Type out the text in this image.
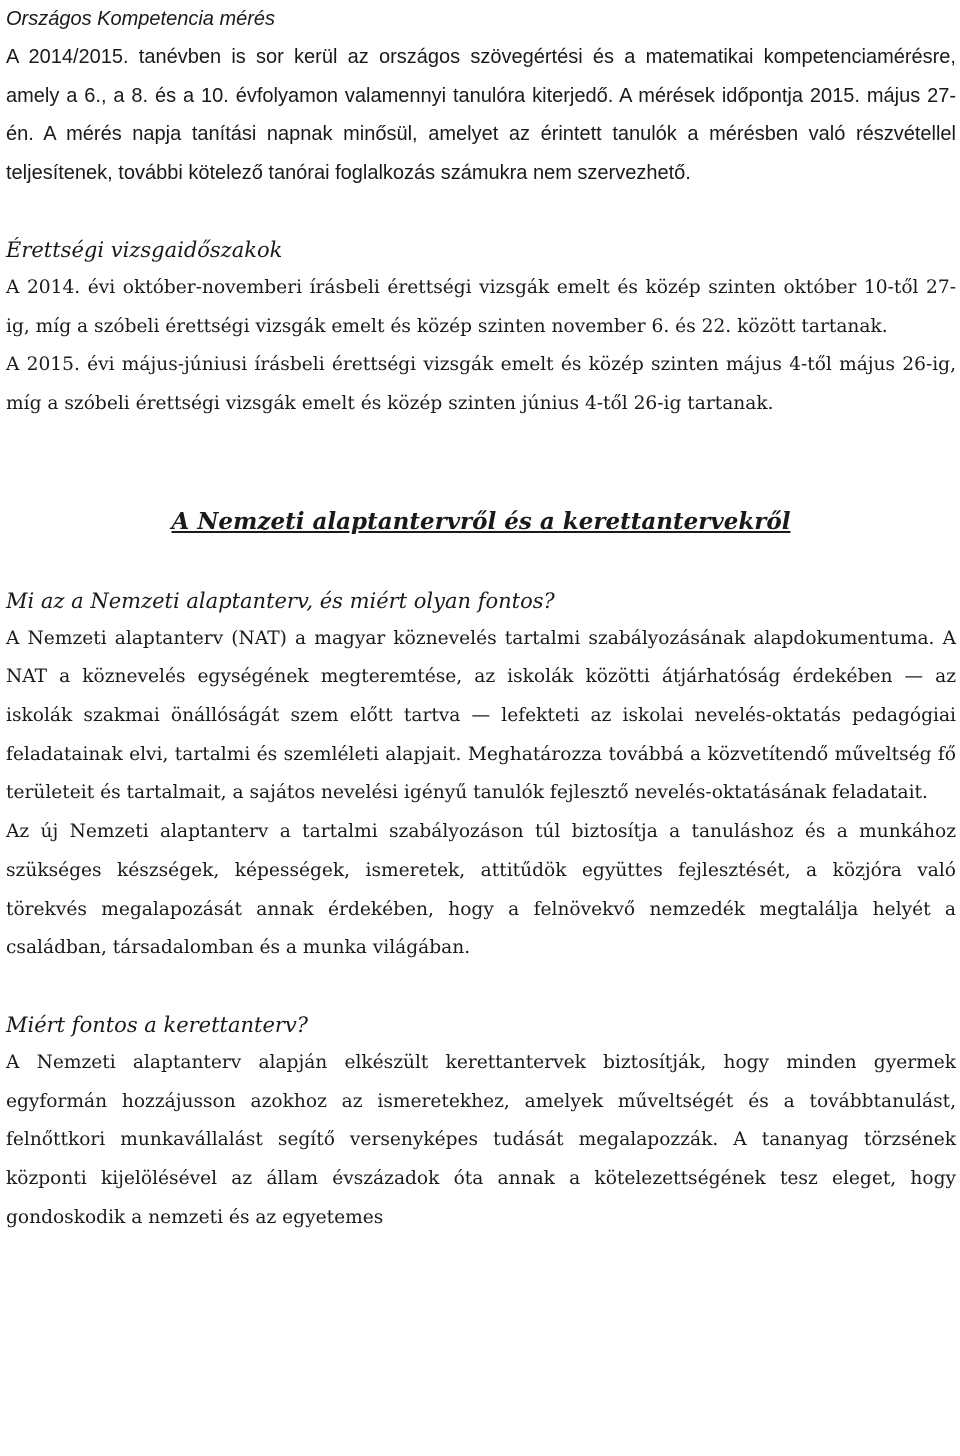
Országos Kompetencia mérés

A 2014/2015. tanévben is sor kerül az országos szövegértési és a matematikai kompetenciamérésre, amely a 6., a 8. és a 10. évfolyamon valamennyi tanulóra kiterjedő. A mérések időpontja 2015. május 27-én. A mérés napja tanítási napnak minősül, amelyet az érintett tanulók a mérésben való részvétellel teljesítenek, további kötelező tanórai foglalkozás számukra nem szervezhető.

Érettségi vizsgaidőszakok

A 2014. évi október-novemberi írásbeli érettségi vizsgák emelt és közép szinten október 10-től 27-ig, míg a szóbeli érettségi vizsgák emelt és közép szinten november 6. és 22. között tartanak.

A 2015. évi május-júniusi írásbeli érettségi vizsgák emelt és közép szinten május 4-től május 26-ig, míg a szóbeli érettségi vizsgák emelt és közép szinten június 4-től 26-ig tartanak.

A Nemzeti alaptantervről és a kerettantervekről
Mi az a Nemzeti alaptanterv, és miért olyan fontos?

A Nemzeti alaptanterv (NAT) a magyar köznevelés tartalmi szabályozásának alapdokumentuma. A NAT a köznevelés egységének megteremtése, az iskolák közötti átjárhatóság érdekében — az iskolák szakmai önállóságát szem előtt tartva — lefekteti az iskolai nevelés-oktatás pedagógiai feladatainak elvi, tartalmi és szemléleti alapjait. Meghatározza továbbá a közvetítendő műveltség fő területeit és tartalmait, a sajátos nevelési igényű tanulók fejlesztő nevelés-oktatásának feladatait.

Az új Nemzeti alaptanterv a tartalmi szabályozáson túl biztosítja a tanuláshoz és a munkához szükséges készségek, képességek, ismeretek, attitűdök együttes fejlesztését, a közjóra való törekvés megalapozását annak érdekében, hogy a felnövekvő nemzedék megtalálja helyét a családban, társadalomban és a munka világában.

Miért fontos a kerettanterv?

A Nemzeti alaptanterv alapján elkészült kerettantervek biztosítják, hogy minden gyermek egyformán hozzájusson azokhoz az ismeretekhez, amelyek műveltségét és a továbbtanulást, felnőttkori munkavállalást segítő versenyképes tudását megalapozzák. A tananyag törzsének központi kijelölésével az állam évszázadok óta annak a kötelezettségének tesz eleget, hogy gondoskodik a nemzeti és az egyetemes
